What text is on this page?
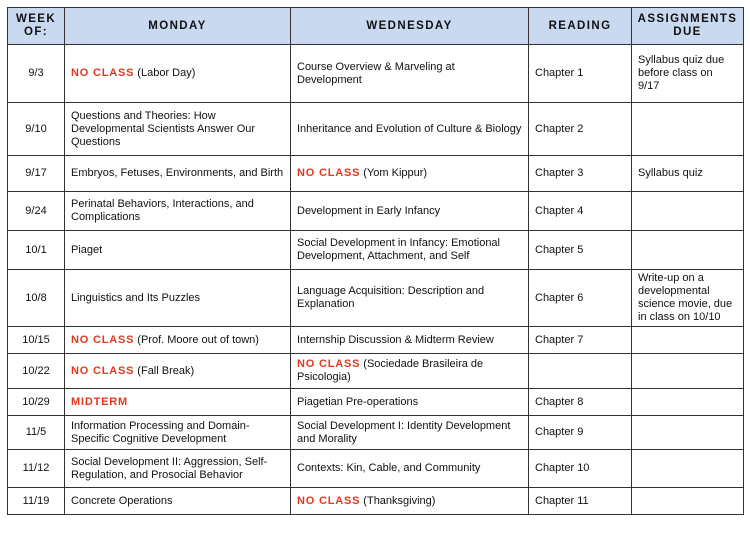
WEEK
OF:	MONDAY	WEDNESDAY	READING	ASSIGNMENTS
DUE

9/3	NO CLASS (Labor Day)	Course Overview & Marveling at Development	Chapter 1	Syllabus quiz due before class on 9/17
9/10	Questions and Theories: How Developmental Scientists Answer Our Questions	Inheritance and Evolution of Culture & Biology	Chapter 2	
9/17	Embryos, Fetuses, Environments, and Birth	NO CLASS (Yom Kippur)	Chapter 3	Syllabus quiz
9/24	Perinatal Behaviors, Interactions, and Complications	Development in Early Infancy	Chapter 4	
10/1	Piaget	Social Development in Infancy: Emotional Development, Attachment, and Self	Chapter 5	
10/8	Linguistics and Its Puzzles	Language Acquisition: Description and Explanation	Chapter 6	Write-up on a developmental science movie, due in class on 10/10
10/15	NO CLASS (Prof. Moore out of town)	Internship Discussion & Midterm Review	Chapter 7	
10/22	NO CLASS (Fall Break)	NO CLASS (Sociedade Brasileira de Psicologia)		
10/29	MIDTERM	Piagetian Pre-operations	Chapter 8	
11/5	Information Processing and Domain-Specific Cognitive Development	Social Development I: Identity Development and Morality	Chapter 9	
11/12	Social Development II: Aggression, Self-Regulation, and Prosocial Behavior	Contexts: Kin, Cable, and Community	Chapter 10	
11/19	Concrete Operations	NO CLASS (Thanksgiving)	Chapter 11	
